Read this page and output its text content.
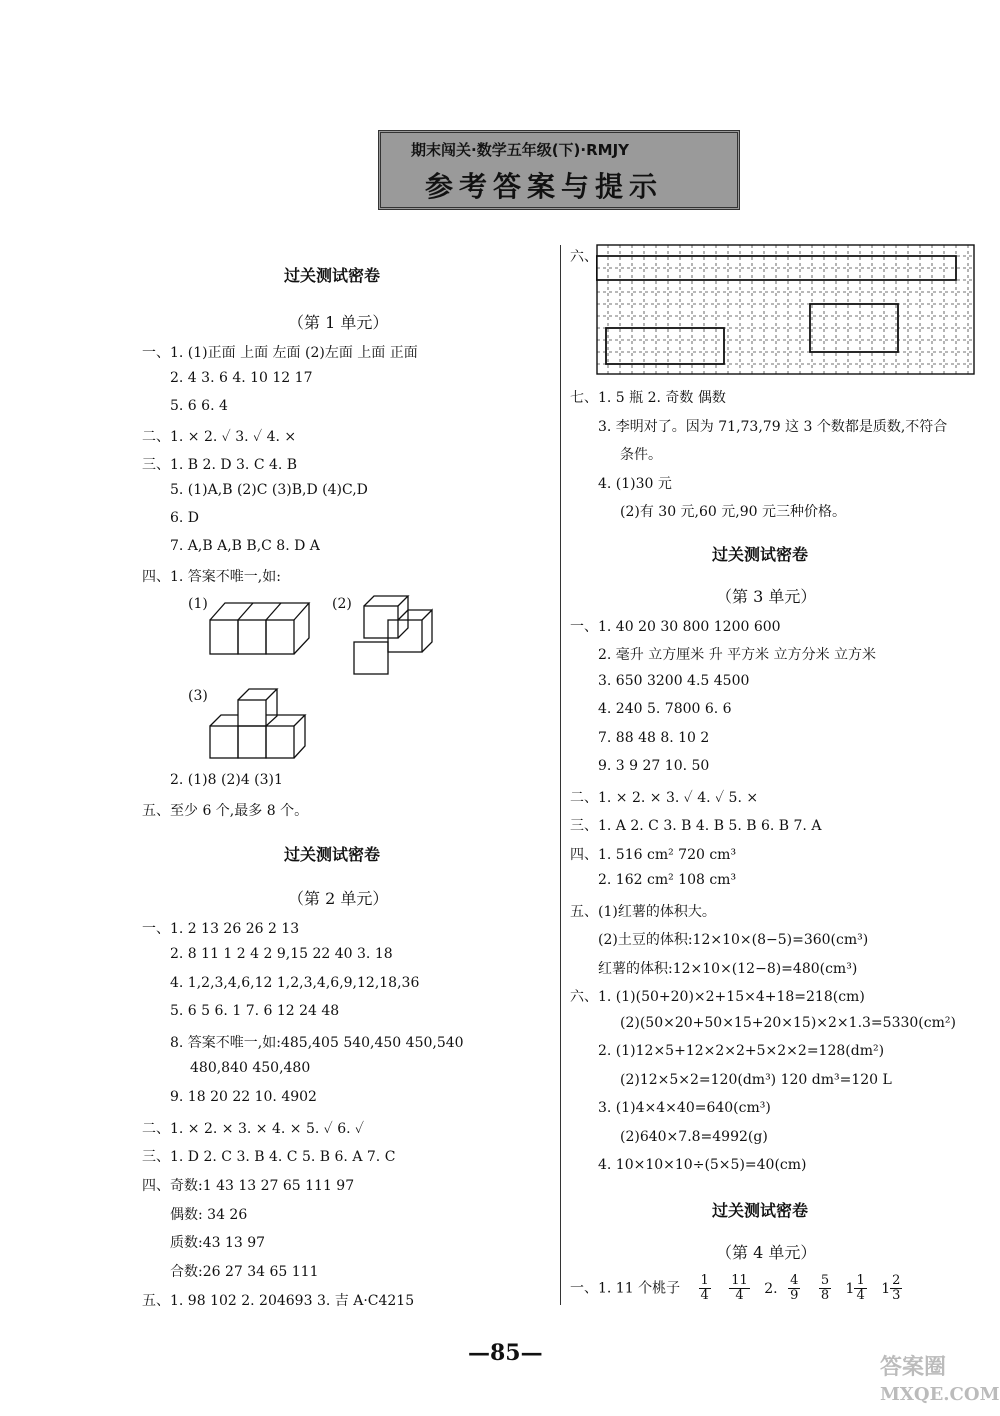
期末闯关·数学五年级(下)·RMJY
参考答案与提示
过关测试密卷
（第 1 单元）
一、1. (1)正面 上面 左面 (2)左面 上面 正面
2. 4 3. 6 4. 10 12 17
5. 6 6. 4
二、1. × 2. ✓ 3. ✓ 4. ×
三、1. B 2. D 3. C 4. B
5. (1)A,B (2)C (3)B,D (4)C,D
6. D
7. A,B A,B B,C 8. D A
四、1. 答案不唯一,如:
(1)	(2)
(3)
2. (1)8 (2)4 (3)1
五、至少 6 个,最多 8 个。
过关测试密卷
（第 2 单元）
一、1. 2 13 26 26 2 13
2. 8 11 1 2 4 2 9,15 22 40 3. 18
4. 1,2,3,4,6,12 1,2,3,4,6,9,12,18,36
5. 6 5 6. 1 7. 6 12 24 48
8. 答案不唯一,如:485,405 540,450 450,540
480,840 450,480
9. 18 20 22 10. 4902
二、1. × 2. × 3. × 4. × 5. ✓ 6. ✓
三、1. D 2. C 3. B 4. C 5. B 6. A 7. C
四、奇数:1 43 13 27 65 111 97
偶数: 34 26
质数:43 13 97
合数:26 27 34 65 111
五、1. 98 102 2. 204693 3. 吉 A·C4215
六、
七、1. 5 瓶 2. 奇数 偶数
3. 李明对了。因为 71,73,79 这 3 个数都是质数,不符合
条件。
4. (1)30 元
(2)有 30 元,60 元,90 元三种价格。
过关测试密卷
（第 3 单元）
一、1. 40 20 30 800 1200 600
2. 毫升 立方厘米 升 平方米 立方分米 立方米
3. 650 3200 4.5 4500
4. 240 5. 7800 6. 6
7. 88 48 8. 10 2
9. 3 9 27 10. 50
二、1. × 2. × 3. ✓ 4. ✓ 5. ×
三、1. A 2. C 3. B 4. B 5. B 6. B 7. A
四、1. 516 cm² 720 cm³
2. 162 cm² 108 cm³
五、(1)红薯的体积大。
(2)土豆的体积:12×10×(8−5)=360(cm³)
红薯的体积:12×10×(12−8)=480(cm³)
六、1. (1)(50+20)×2+15×4+18=218(cm)
(2)(50×20+50×15+20×15)×2×1.3=5330(cm²)
2. (1)12×5+12×2×2+5×2×2=128(dm²)
(2)12×5×2=120(dm³) 120 dm³=120 L
3. (1)4×4×40=640(cm³)
(2)640×7.8=4992(g)
4. 10×10×10÷(5×5)=40(cm)
过关测试密卷
（第 4 单元）
一、1. 11 个桃子 $\frac{1}{4}$
$\frac{11}{4} 2$. $\frac{4}{9}$
$\frac{5}{8} 1 \frac{1}{4} 1 \frac{2}{3}$
—85—
答案圈
MXQE.COM
